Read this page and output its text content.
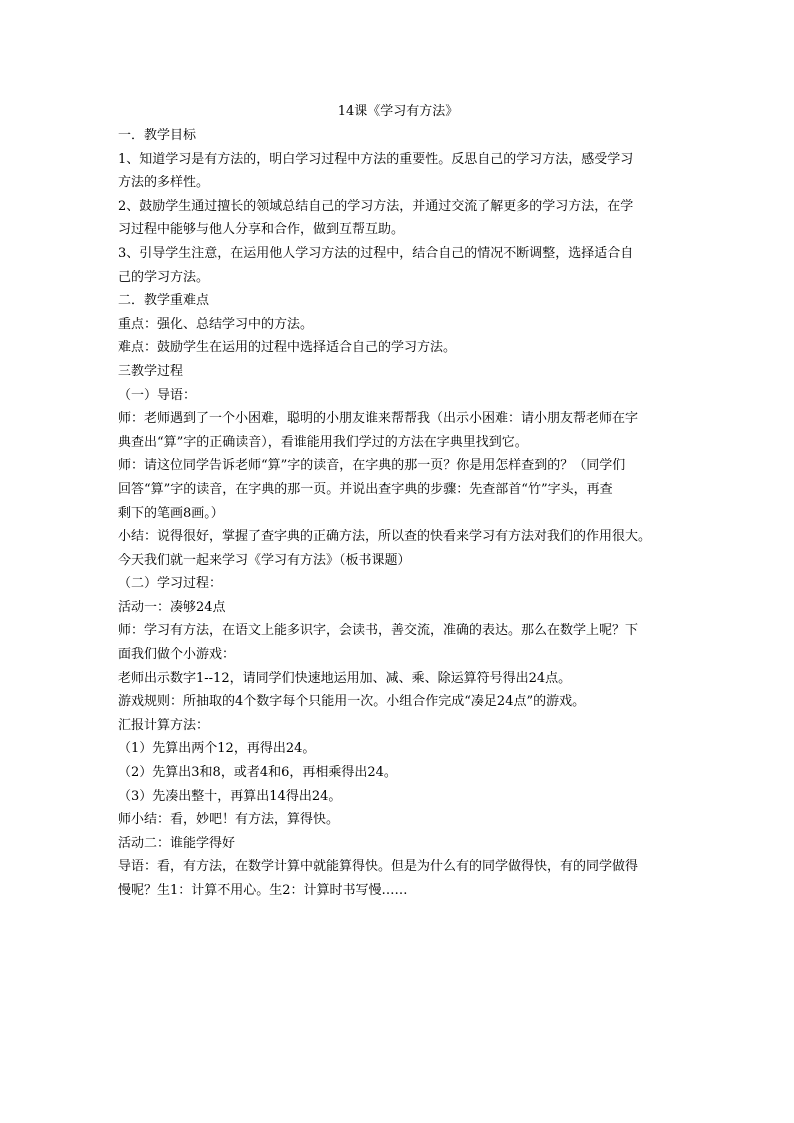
14课《学习有方法》
一．教学目标
1、知道学习是有方法的，明白学习过程中方法的重要性。反思自己的学习方法，感受学习
方法的多样性。
2、鼓励学生通过擅长的领域总结自己的学习方法，并通过交流了解更多的学习方法，在学
习过程中能够与他人分享和合作，做到互帮互助。
3、引导学生注意，在运用他人学习方法的过程中，结合自己的情况不断调整，选择适合自
己的学习方法。
二．教学重难点
重点：强化、总结学习中的方法。
难点：鼓励学生在运用的过程中选择适合自己的学习方法。
三教学过程
（一）导语：
师：老师遇到了一个小困难，聪明的小朋友谁来帮帮我（出示小困难：请小朋友帮老师在字
典查出“算”字的正确读音），看谁能用我们学过的方法在字典里找到它。
师：请这位同学告诉老师“算”字的读音，在字典的那一页？你是用怎样查到的？（同学们
回答“算”字的读音，在字典的那一页。并说出查字典的步骤：先查部首“竹”字头，再查
剩下的笔画8画。）
小结：说得很好，掌握了查字典的正确方法，所以查的快看来学习有方法对我们的作用很大。
今天我们就一起来学习《学习有方法》（板书课题）
（二）学习过程：
活动一：凑够24点
师：学习有方法，在语文上能多识字，会读书，善交流，准确的表达。那么在数学上呢？下
面我们做个小游戏：
老师出示数字1--12，请同学们快速地运用加、减、乘、除运算符号得出24点。
游戏规则：所抽取的4个数字每个只能用一次。小组合作完成“凑足24点”的游戏。
汇报计算方法：
（1）先算出两个12，再得出24。
（2）先算出3和8，或者4和6，再相乘得出24。
（3）先凑出整十，再算出14得出24。
师小结：看，妙吧！有方法，算得快。
活动二：谁能学得好
导语：看，有方法，在数学计算中就能算得快。但是为什么有的同学做得快，有的同学做得
慢呢？生1：计算不用心。生2：计算时书写慢……
